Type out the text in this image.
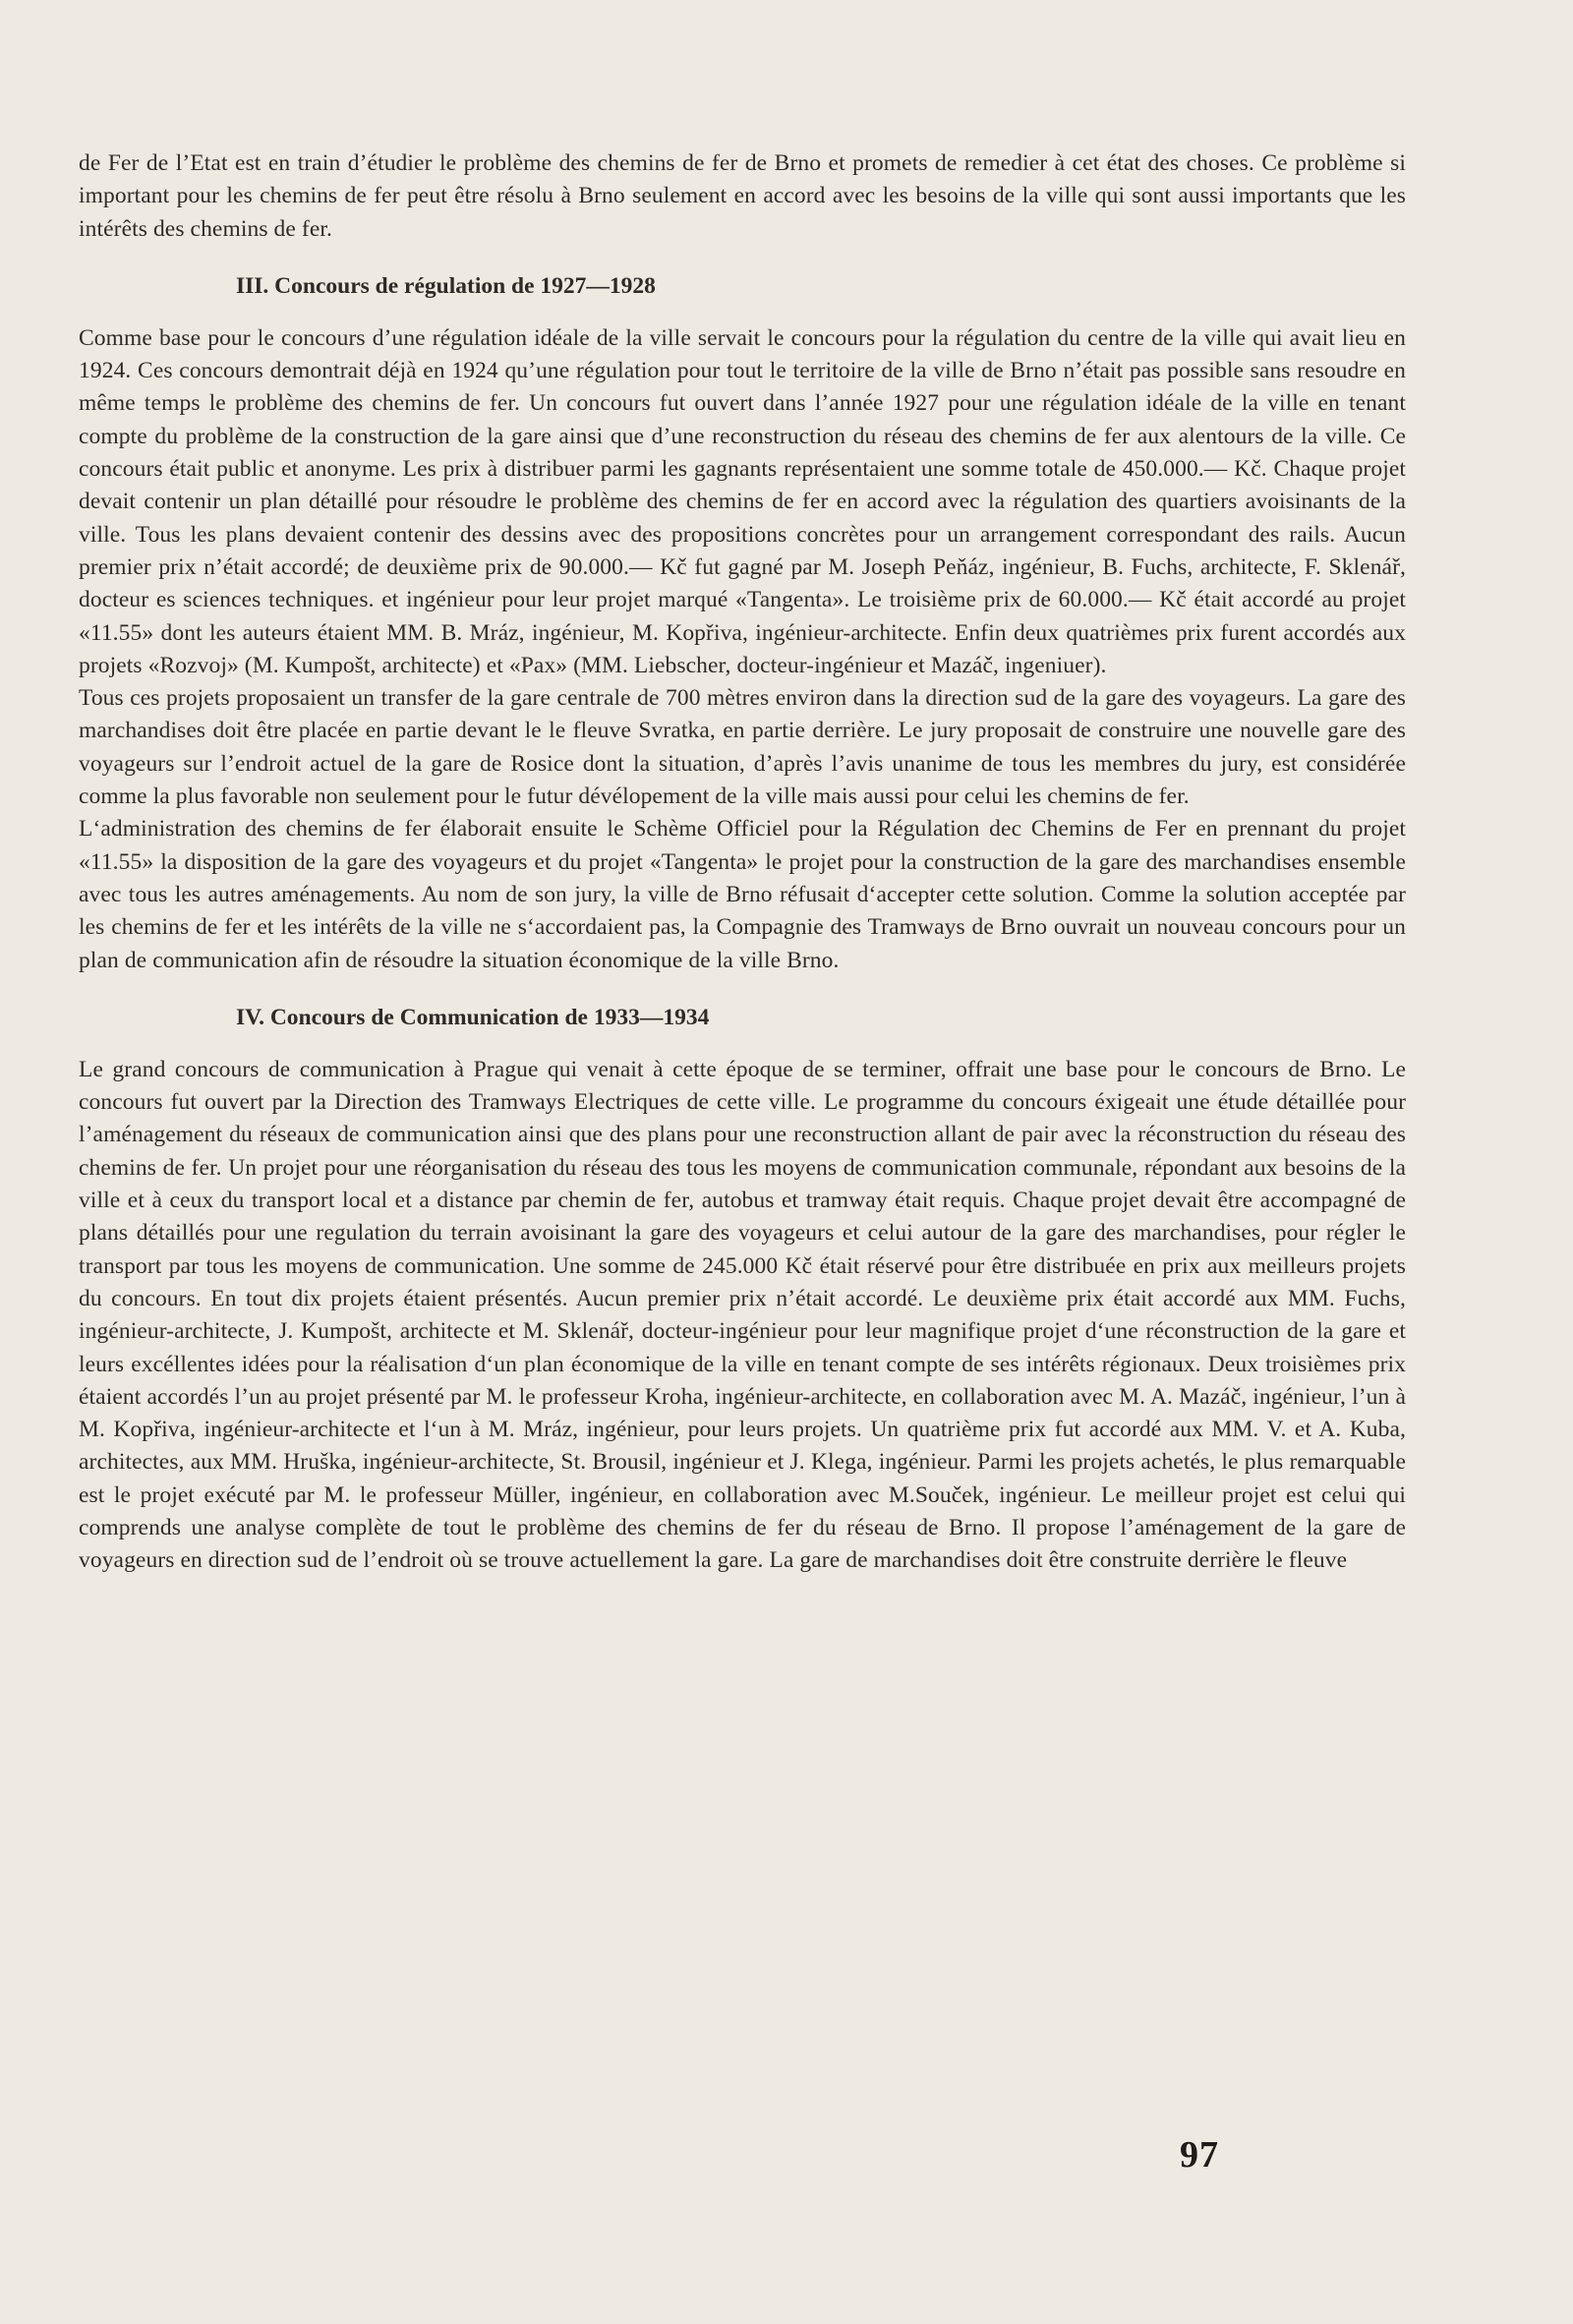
de Fer de l’Etat est en train d’étudier le problème des chemins de fer de Brno et promets de remedier à cet état des choses. Ce problème si important pour les chemins de fer peut être résolu à Brno seulement en accord avec les besoins de la ville qui sont aussi importants que les intérêts des chemins de fer.

III. Concours de régulation de 1927—1928

Comme base pour le concours d’une régulation idéale de la ville servait le concours pour la régulation du centre de la ville qui avait lieu en 1924. Ces concours demontrait déjà en 1924 qu’une régulation pour tout le territoire de la ville de Brno n’était pas possible sans resoudre en même temps le problème des chemins de fer. Un concours fut ouvert dans l’année 1927 pour une régulation idéale de la ville en tenant compte du problème de la construction de la gare ainsi que d’une reconstruction du réseau des chemins de fer aux alentours de la ville. Ce concours était public et anonyme. Les prix à distribuer parmi les gagnants représentaient une somme totale de 450.000.— Kč. Chaque projet devait contenir un plan détaillé pour résoudre le problème des chemins de fer en accord avec la régulation des quartiers avoisinants de la ville. Tous les plans devaient contenir des dessins avec des propositions concrètes pour un arrangement correspondant des rails. Aucun premier prix n’était accordé; de deuxième prix de 90.000.— Kč fut gagné par M. Joseph Peňáz, ingénieur, B. Fuchs, architecte, F. Sklenář, docteur es sciences techniques. et ingénieur pour leur projet marqué «Tangenta». Le troisième prix de 60.000.— Kč était accordé au projet «11.55» dont les auteurs étaient MM. B. Mráz, ingénieur, M. Kopřiva, ingénieur-architecte. Enfin deux quatrièmes prix furent accordés aux projets «Rozvoj» (M. Kumpošt, architecte) et «Pax» (MM. Liebscher, docteur-ingénieur et Mazáč, ingeniuer).

Tous ces projets proposaient un transfer de la gare centrale de 700 mètres environ dans la direction sud de la gare des voyageurs. La gare des marchandises doit être placée en partie devant le le fleuve Svratka, en partie derrière. Le jury proposait de construire une nouvelle gare des voyageurs sur l’endroit actuel de la gare de Rosice dont la situation, d’après l’avis unanime de tous les membres du jury, est considérée comme la plus favorable non seulement pour le futur dévélopement de la ville mais aussi pour celui les chemins de fer.

L‘administration des chemins de fer élaborait ensuite le Schème Officiel pour la Régulation dec Chemins de Fer en prennant du projet «11.55» la disposition de la gare des voyageurs et du projet «Tangenta» le projet pour la construction de la gare des marchandises ensemble avec tous les autres aménagements. Au nom de son jury, la ville de Brno réfusait d‘accepter cette solution. Comme la solution acceptée par les chemins de fer et les intérêts de la ville ne s‘accordaient pas, la Compagnie des Tramways de Brno ouvrait un nouveau concours pour un plan de communication afin de résoudre la situation économique de la ville Brno.

IV. Concours de Communication de 1933—1934

Le grand concours de communication à Prague qui venait à cette époque de se terminer, offrait une base pour le concours de Brno. Le concours fut ouvert par la Direction des Tramways Electriques de cette ville. Le programme du concours éxigeait une étude détaillée pour l’aménagement du réseaux de communication ainsi que des plans pour une reconstruction allant de pair avec la réconstruction du réseau des chemins de fer. Un projet pour une réorganisation du réseau des tous les moyens de communication communale, répondant aux besoins de la ville et à ceux du transport local et a distance par chemin de fer, autobus et tramway était requis. Chaque projet devait être accompagné de plans détaillés pour une regulation du terrain avoisinant la gare des voyageurs et celui autour de la gare des marchandises, pour régler le transport par tous les moyens de communication. Une somme de 245.000 Kč était réservé pour être distribuée en prix aux meilleurs projets du concours. En tout dix projets étaient présentés. Aucun premier prix n’était accordé. Le deuxième prix était accordé aux MM. Fuchs, ingénieur-architecte, J. Kumpošt, architecte et M. Sklenář, docteur-ingénieur pour leur magnifique projet d‘une réconstruction de la gare et leurs excéllentes idées pour la réalisation d‘un plan économique de la ville en tenant compte de ses intérêts régionaux. Deux troisièmes prix étaient accordés l’un au projet présenté par M. le professeur Kroha, ingénieur-architecte, en collaboration avec M. A. Mazáč, ingénieur, l’un à M. Kopřiva, ingénieur-architecte et l‘un à M. Mráz, ingénieur, pour leurs projets. Un quatrième prix fut accordé aux MM. V. et A. Kuba, architectes, aux MM. Hruška, ingénieur-architecte, St. Brousil, ingénieur et J. Klega, ingénieur. Parmi les projets achetés, le plus remarquable est le projet exécuté par M. le professeur Müller, ingénieur, en collaboration avec M.Souček, ingénieur. Le meilleur projet est celui qui comprends une analyse complète de tout le problème des chemins de fer du réseau de Brno. Il propose l’aménagement de la gare de voyageurs en direction sud de l’endroit où se trouve actuellement la gare. La gare de marchandises doit être construite derrière le fleuve

97
